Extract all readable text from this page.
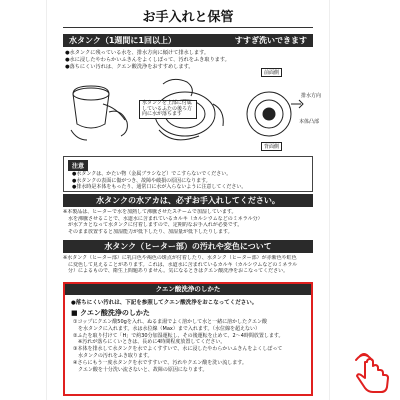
お手入れと保管
水タンク（1週間に1回以上）	すすぎ洗いできます
●水タンクに残っている水を、排水方向に傾けて排水します。
●水に浸したやわらかいふきんをよくしぼって、汚れをふき取ります。
●落ちにくい汚れは、クエン酸洗浄をおすすめします。
水タンクを上部に付属しているふたの後ろ方向に水が落ちます
前面側
排水方向
本体凸部
背面側
注意
●水タンクは、かたい物（金属ブラシなど）でこすらないでください。
●水タンクの表面に傷がつき、故障や破損の原因になります。
●排水時是本体をもったり、通常口に水が入らないように注意してください。
水タンクの水アカは、必ずお手入れしてください。
※本製品は、ヒーターで水を加熱して沸騰させたスチームで加湿しています。
　水を沸騰させることで、水道水に含まれているカルキ（カルシウムなどのミネラル分）
　が水アカとなって水タンクに付着しますので、定期的なお手入れが必要です。
　そのまま放置すると加湿能力が低下したり、加湿量が低下したりします。
水タンク（ヒーター部）の汚れや変色について
※水タンク（ヒーター部）に乳白色や褐色の斑点が付着したり、水タンク（ヒーター部）が赤紫色や虹色
　に変色して見えることがあります。これは、水道水に含まれているカルキ（カルシウムなどのミネラル
　分）によるもので、衛生上問題ありません。気になるときはクエン酸洗浄をおこなってください。
クエン酸洗浄のしかた
●落ちにくい汚れは、下記を参照してクエン酸洗浄をおこなってください。
■ クエン酸洗浄のしかた
①コップにクエン酸50gを入れ、ぬるま湯でよく溶かして水と一緒に溶かしたクエン酸
　を水タンクに入れます。水は水位線（Max）まで入れます。（水位線を超えない）
②ふたを取り付けて「H」で約30分加湿運転し、その後運転を止めて、2～4時間放置します。
　※汚れが落ちにくいときは、長めに4時間程度放置してください。
③本体を排水して水タンクを水でよくすすいで、水に浸したやわらかいふきんをよくしぼって
　水タンクの汚れをふき取ります。
④さらにもう一度水タンクを水ですすいで、汚れやクエン酸を洗い流します。
　クエン酸を十分洗い流さないと、故障の原因になります。
